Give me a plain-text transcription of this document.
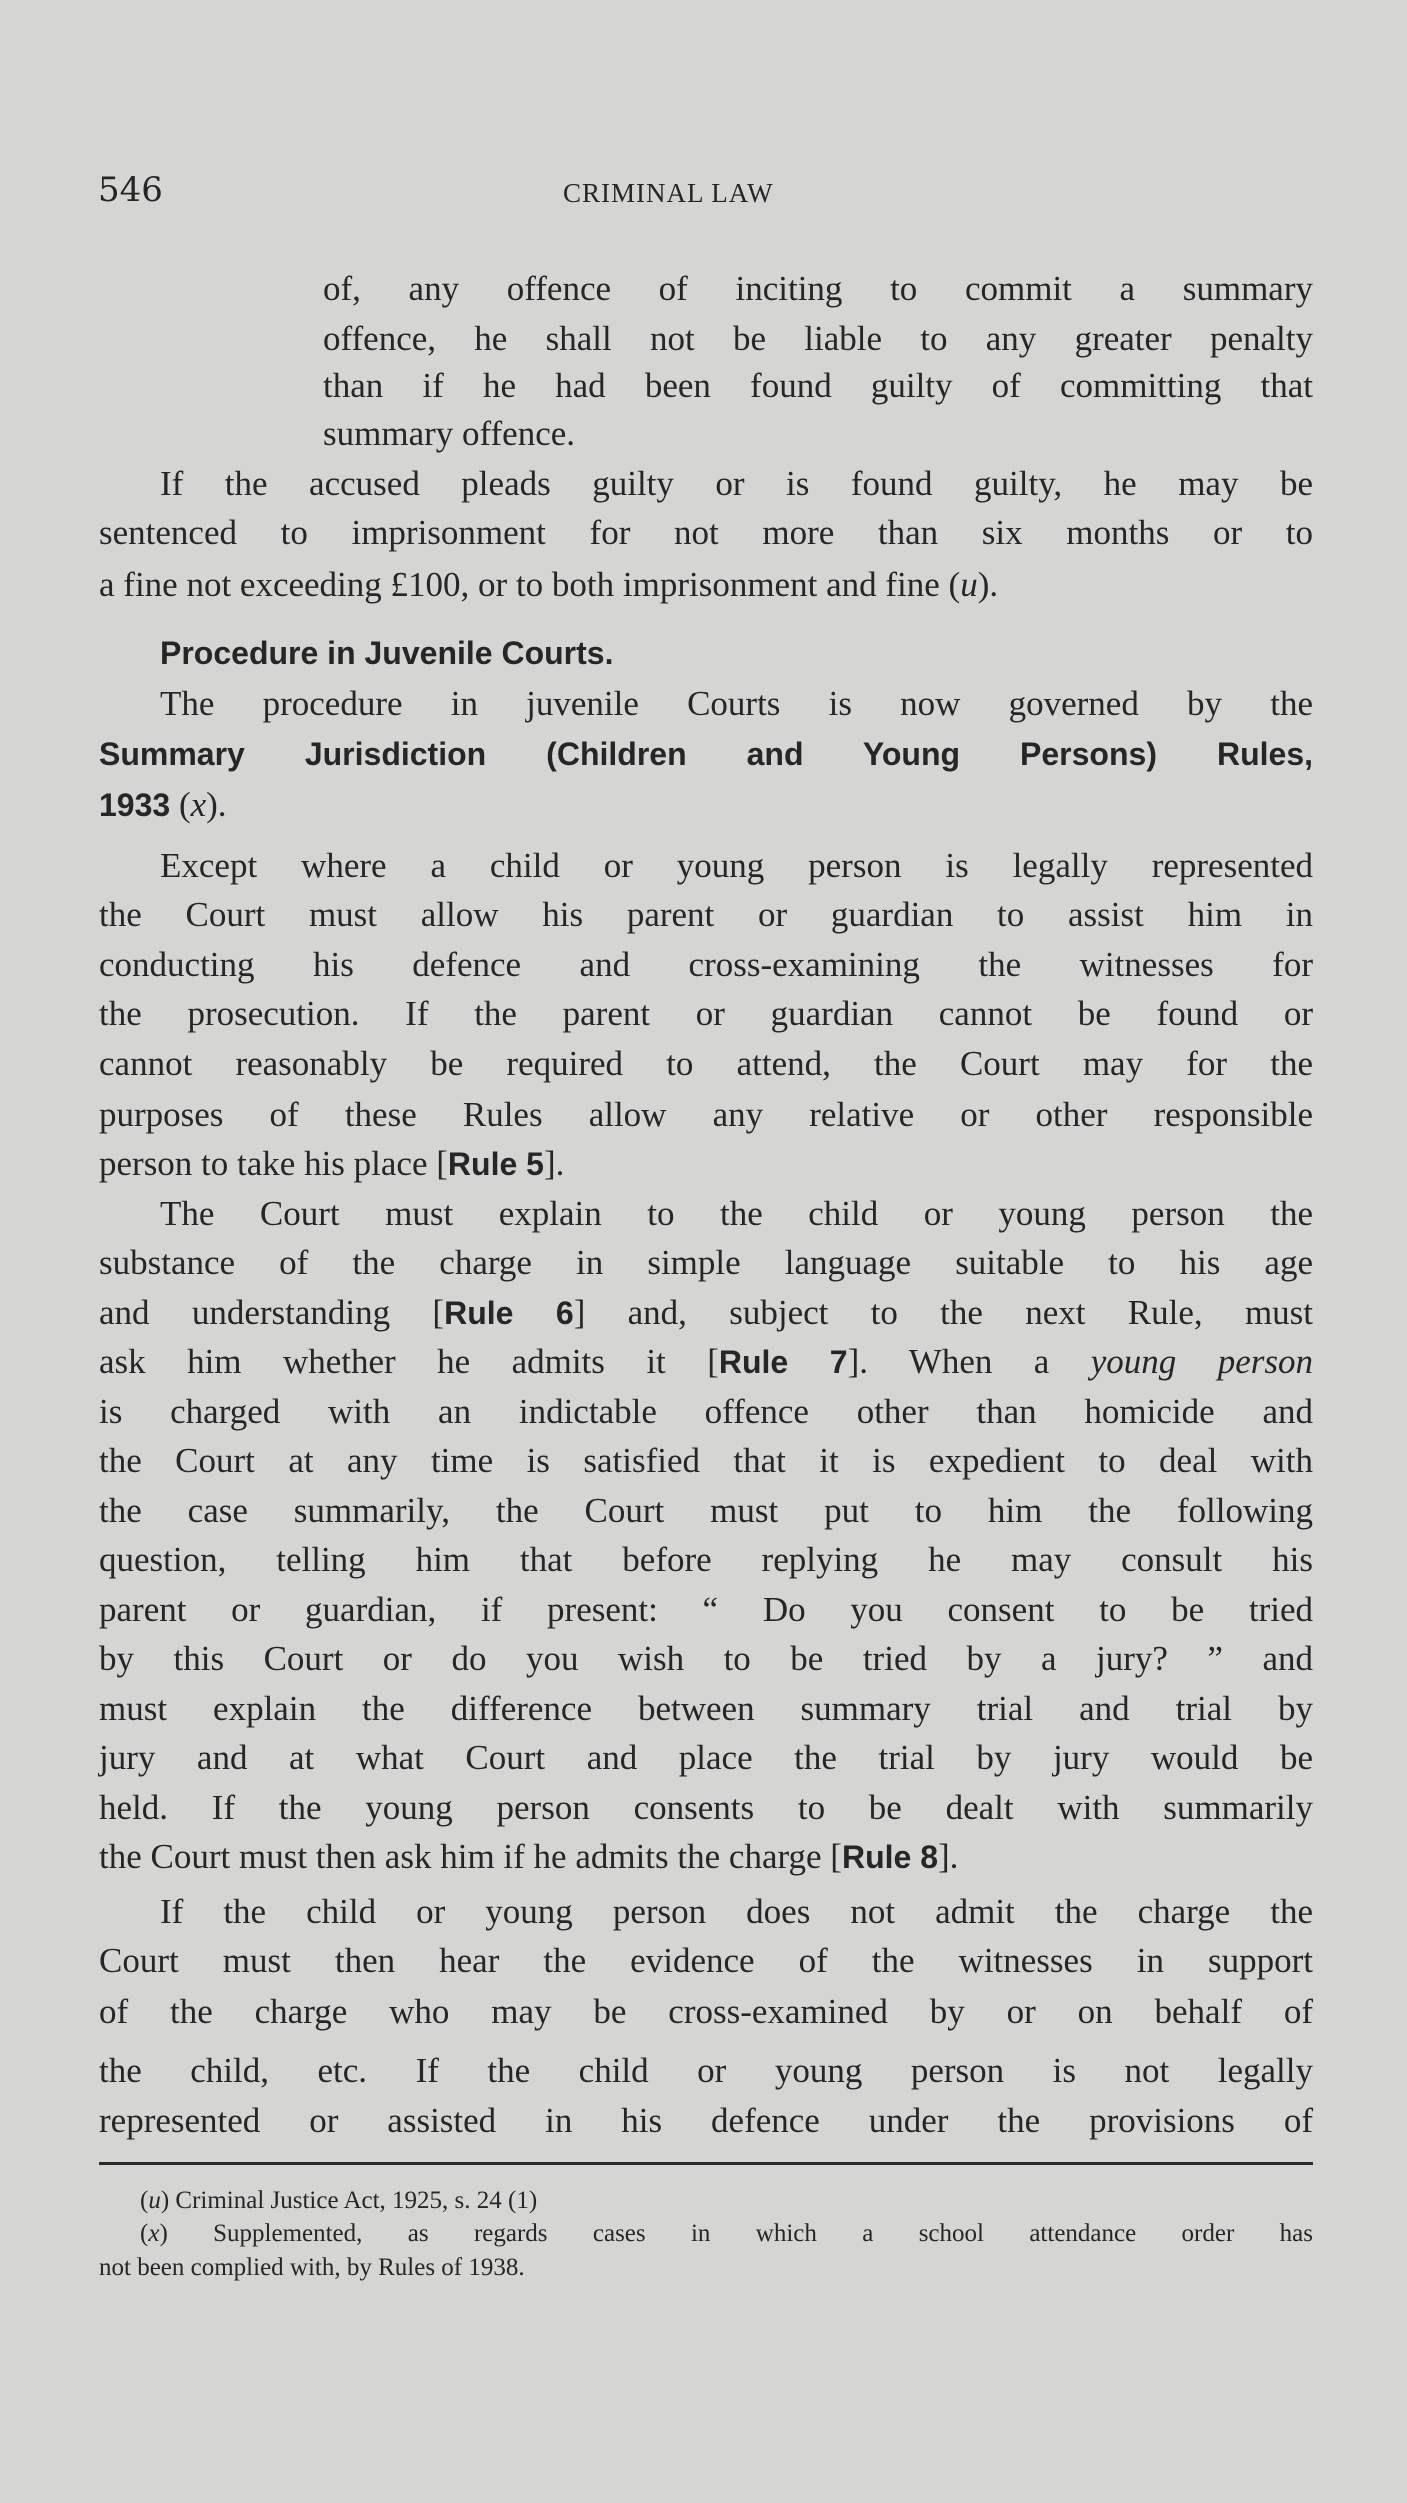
546	CRIMINAL LAW
of, any offence of inciting to commit a summary
offence, he shall not be liable to any greater penalty
than if he had been found guilty of committing that
summary offence.
If the accused pleads guilty or is found guilty, he may be
sentenced to imprisonment for not more than six months or to
a fine not exceeding £100, or to both imprisonment and fine (u).
Procedure in Juvenile Courts.
The procedure in juvenile Courts is now governed by the
Summary Jurisdiction (Children and Young Persons) Rules,
1933 (x).
Except where a child or young person is legally represented
the Court must allow his parent or guardian to assist him in
conducting his defence and cross-examining the witnesses for
the prosecution. If the parent or guardian cannot be found or
cannot reasonably be required to attend, the Court may for the
purposes of these Rules allow any relative or other responsible
person to take his place [Rule 5].
The Court must explain to the child or young person the
substance of the charge in simple language suitable to his age
and understanding [Rule 6] and, subject to the next Rule, must
ask him whether he admits it [Rule 7]. When a young person
is charged with an indictable offence other than homicide and
the Court at any time is satisfied that it is expedient to deal with
the case summarily, the Court must put to him the following
question, telling him that before replying he may consult his
parent or guardian, if present: “ Do you consent to be tried
by this Court or do you wish to be tried by a jury? ” and
must explain the difference between summary trial and trial by
jury and at what Court and place the trial by jury would be
held. If the young person consents to be dealt with summarily
the Court must then ask him if he admits the charge [Rule 8].
If the child or young person does not admit the charge the
Court must then hear the evidence of the witnesses in support
of the charge who may be cross-examined by or on behalf of
the child, etc. If the child or young person is not legally
represented or assisted in his defence under the provisions of
(u) Criminal Justice Act, 1925, s. 24 (1)
(x) Supplemented, as regards cases in which a school attendance order has
not been complied with, by Rules of 1938.
